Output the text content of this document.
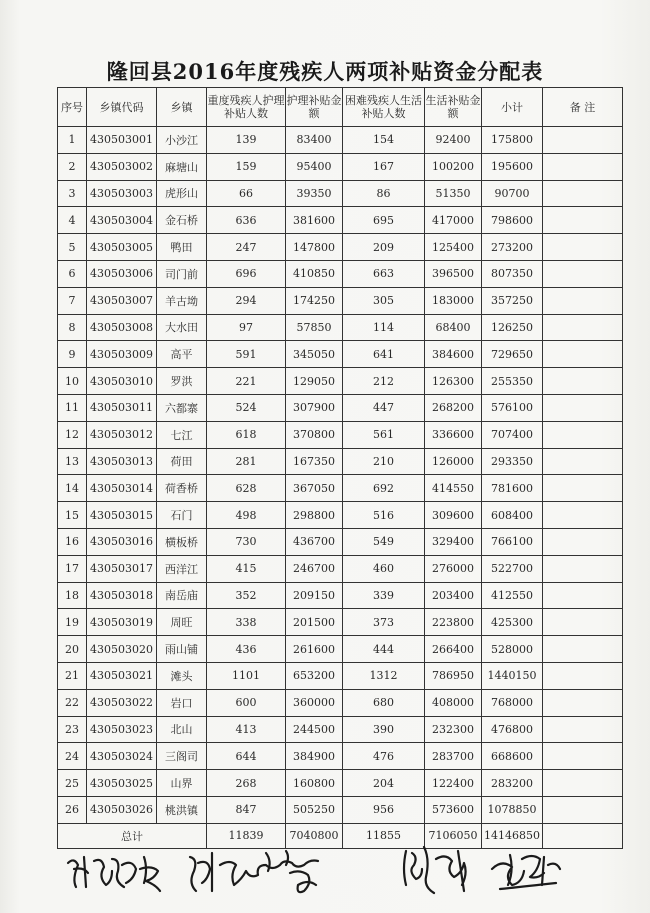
隆回县2016年度残疾人两项补贴资金分配表
序号	乡镇代码	乡镇	重度残疾人护理补贴人数	护理补贴金 额	困难残疾人生活补贴人数	生活补贴金 额	小计	备 注
1	430503001	小沙江	139	83400	154	92400	175800	
2	430503002	麻塘山	159	95400	167	100200	195600	
3	430503003	虎形山	66	39350	86	51350	90700	
4	430503004	金石桥	636	381600	695	417000	798600	
5	430503005	鸭田	247	147800	209	125400	273200	
6	430503006	司门前	696	410850	663	396500	807350	
7	430503007	羊古坳	294	174250	305	183000	357250	
8	430503008	大水田	97	57850	114	68400	126250	
9	430503009	高平	591	345050	641	384600	729650	
10	430503010	罗洪	221	129050	212	126300	255350	
11	430503011	六都寨	524	307900	447	268200	576100	
12	430503012	七江	618	370800	561	336600	707400	
13	430503013	荷田	281	167350	210	126000	293350	
14	430503014	荷香桥	628	367050	692	414550	781600	
15	430503015	石门	498	298800	516	309600	608400	
16	430503016	横板桥	730	436700	549	329400	766100	
17	430503017	西洋江	415	246700	460	276000	522700	
18	430503018	南岳庙	352	209150	339	203400	412550	
19	430503019	周旺	338	201500	373	223800	425300	
20	430503020	雨山铺	436	261600	444	266400	528000	
21	430503021	滩头	1101	653200	1312	786950	1440150	
22	430503022	岩口	600	360000	680	408000	768000	
23	430503023	北山	413	244500	390	232300	476800	
24	430503024	三阁司	644	384900	476	283700	668600	
25	430503025	山界	268	160800	204	122400	283200	
26	430503026	桃洪镇	847	505250	956	573600	1078850	
总计			11839	7040800	11855	7106050	14146850	
